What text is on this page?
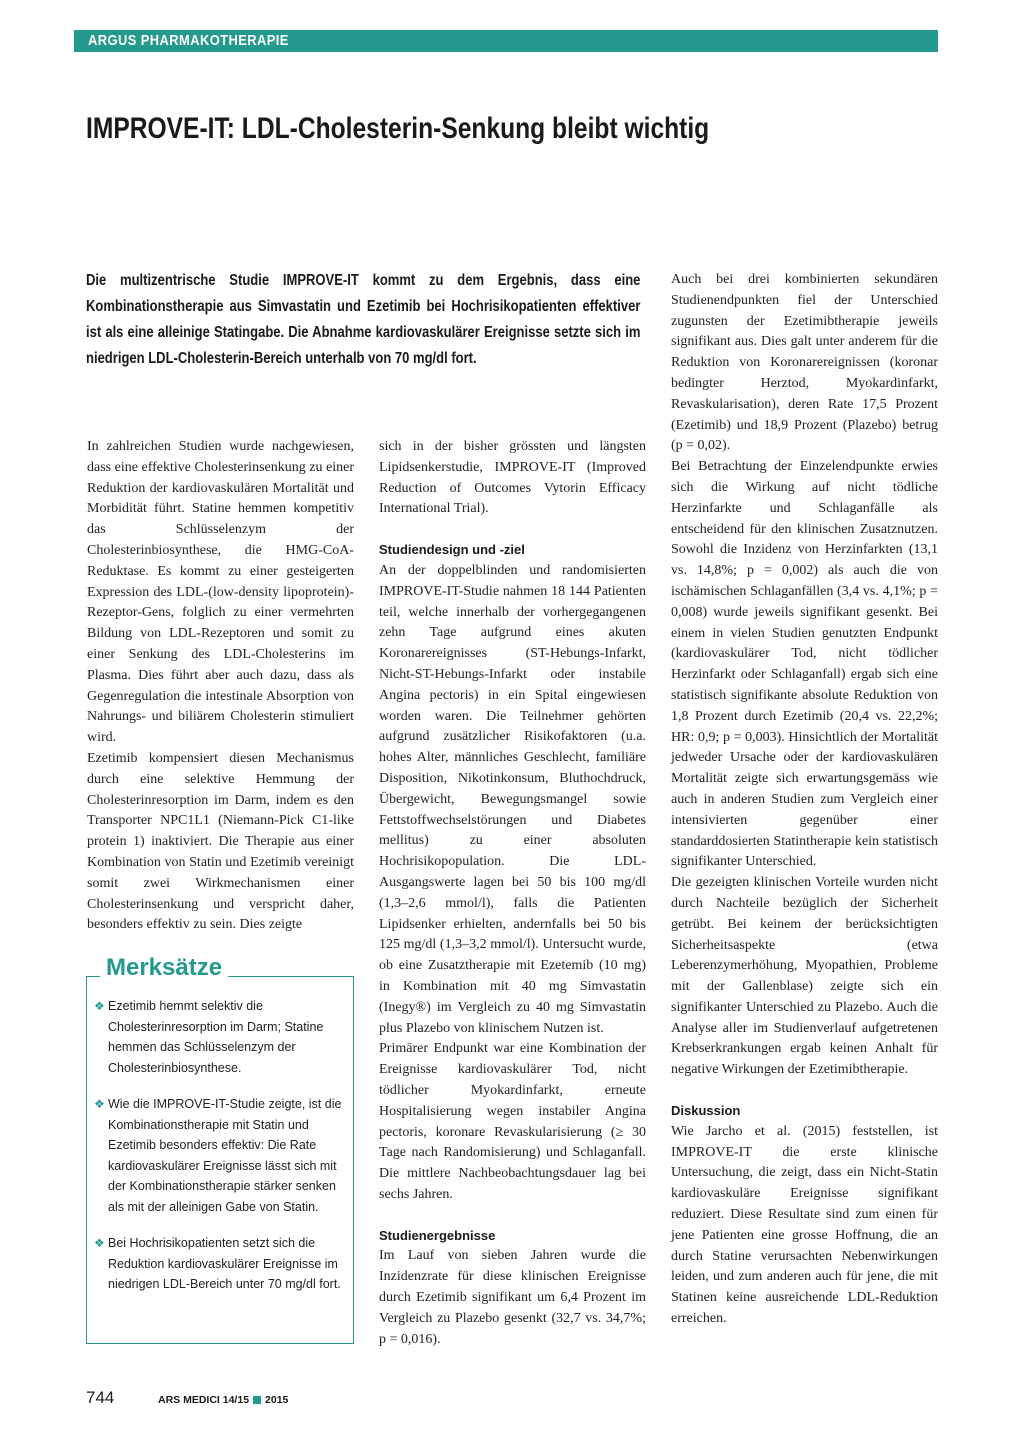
ARGUS PHARMAKOTHERAPIE
IMPROVE-IT: LDL-Cholesterin-Senkung bleibt wichtig

Die multizentrische Studie IMPROVE-IT kommt zu dem Ergebnis, dass eine Kombinationstherapie aus Simvastatin und Ezetimib bei Hochrisikopatienten effektiver ist als eine alleinige Statingabe. Die Abnahme kardiovaskulärer Ereignisse setzte sich im niedrigen LDL-Cholesterin-Bereich unterhalb von 70 mg/dl fort.

In zahlreichen Studien wurde nachgewiesen, dass eine effektive Cholesterinsenkung zu einer Reduktion der kardiovaskulären Mortalität und Morbidität führt. Statine hemmen kompetitiv das Schlüsselenzym der Cholesterinbiosynthese, die HMG-CoA-Reduktase. Es kommt zu einer gesteigerten Expression des LDL-(low-density lipoprotein)-Rezeptor-Gens, folglich zu einer vermehrten Bildung von LDL-Rezeptoren und somit zu einer Senkung des LDL-Cholesterins im Plasma. Dies führt aber auch dazu, dass als Gegenregulation die intestinale Absorption von Nahrungs- und biliärem Cholesterin stimuliert wird.

Ezetimib kompensiert diesen Mechanismus durch eine selektive Hemmung der Cholesterinresorption im Darm, indem es den Transporter NPC1L1 (Niemann-Pick C1-like protein 1) inaktiviert. Die Therapie aus einer Kombination von Statin und Ezetimib vereinigt somit zwei Wirkmechanismen einer Cholesterinsenkung und verspricht daher, besonders effektiv zu sein. Dies zeigte

Merksätze
❖ Ezetimib hemmt selektiv die Cholesterinresorption im Darm; Statine hemmen das Schlüsselenzym der Cholesterinbiosynthese.
❖ Wie die IMPROVE-IT-Studie zeigte, ist die Kombinationstherapie mit Statin und Ezetimib besonders effektiv: Die Rate kardiovaskulärer Ereignisse lässt sich mit der Kombinationstherapie stärker senken als mit der alleinigen Gabe von Statin.
❖ Bei Hochrisikopatienten setzt sich die Reduktion kardiovaskulärer Ereignisse im niedrigen LDL-Bereich unter 70 mg/dl fort.

sich in der bisher grössten und längsten Lipidsenkerstudie, IMPROVE-IT (Improved Reduction of Outcomes Vytorin Efficacy International Trial).

Studiendesign und -ziel

An der doppelblinden und randomisierten IMPROVE-IT-Studie nahmen 18 144 Patienten teil, welche innerhalb der vorhergegangenen zehn Tage aufgrund eines akuten Koronarereignisses (ST-Hebungs-Infarkt, Nicht-ST-Hebungs-Infarkt oder instabile Angina pectoris) in ein Spital eingewiesen worden waren. Die Teilnehmer gehörten aufgrund zusätzlicher Risikofaktoren (u.a. hohes Alter, männliches Geschlecht, familiäre Disposition, Nikotinkonsum, Bluthochdruck, Übergewicht, Bewegungsmangel sowie Fettstoffwechselstörungen und Diabetes mellitus) zu einer absoluten Hochrisikopopulation. Die LDL-Ausgangswerte lagen bei 50 bis 100 mg/dl (1,3–2,6 mmol/l), falls die Patienten Lipidsenker erhielten, andernfalls bei 50 bis 125 mg/dl (1,3–3,2 mmol/l). Untersucht wurde, ob eine Zusatztherapie mit Ezetemib (10 mg) in Kombination mit 40 mg Simvastatin (Inegy®) im Vergleich zu 40 mg Simvastatin plus Plazebo von klinischem Nutzen ist.

Primärer Endpunkt war eine Kombination der Ereignisse kardiovaskulärer Tod, nicht tödlicher Myokardinfarkt, erneute Hospitalisierung wegen instabiler Angina pectoris, koronare Revaskularisierung (≥ 30 Tage nach Randomisierung) und Schlaganfall. Die mittlere Nachbeobachtungsdauer lag bei sechs Jahren.

Studienergebnisse

Im Lauf von sieben Jahren wurde die Inzidenzrate für diese klinischen Ereignisse durch Ezetimib signifikant um 6,4 Prozent im Vergleich zu Plazebo gesenkt (32,7 vs. 34,7%; p = 0,016).

Auch bei drei kombinierten sekundären Studienendpunkten fiel der Unterschied zugunsten der Ezetimibtherapie jeweils signifikant aus. Dies galt unter anderem für die Reduktion von Koronarereignissen (koronar bedingter Herztod, Myokardinfarkt, Revaskularisation), deren Rate 17,5 Prozent (Ezetimib) und 18,9 Prozent (Plazebo) betrug (p = 0,02).

Bei Betrachtung der Einzelendpunkte erwies sich die Wirkung auf nicht tödliche Herzinfarkte und Schlaganfälle als entscheidend für den klinischen Zusatznutzen. Sowohl die Inzidenz von Herzinfarkten (13,1 vs. 14,8%; p = 0,002) als auch die von ischämischen Schlaganfällen (3,4 vs. 4,1%; p = 0,008) wurde jeweils signifikant gesenkt. Bei einem in vielen Studien genutzten Endpunkt (kardiovaskulärer Tod, nicht tödlicher Herzinfarkt oder Schlaganfall) ergab sich eine statistisch signifikante absolute Reduktion von 1,8 Prozent durch Ezetimib (20,4 vs. 22,2%; HR: 0,9; p = 0,003). Hinsichtlich der Mortalität jedweder Ursache oder der kardiovaskulären Mortalität zeigte sich erwartungsgemäss wie auch in anderen Studien zum Vergleich einer intensivierten gegenüber einer standarddosierten Statintherapie kein statistisch signifikanter Unterschied.

Die gezeigten klinischen Vorteile wurden nicht durch Nachteile bezüglich der Sicherheit getrübt. Bei keinem der berücksichtigten Sicherheitsaspekte (etwa Leberenzymerhöhung, Myopathien, Probleme mit der Gallenblase) zeigte sich ein signifikanter Unterschied zu Plazebo. Auch die Analyse aller im Studienverlauf aufgetretenen Krebserkrankungen ergab keinen Anhalt für negative Wirkungen der Ezetimibtherapie.

Diskussion

Wie Jarcho et al. (2015) feststellen, ist IMPROVE-IT die erste klinische Untersuchung, die zeigt, dass ein Nicht-Statin kardiovaskuläre Ereignisse signifikant reduziert. Diese Resultate sind zum einen für jene Patienten eine grosse Hoffnung, die an durch Statine verursachten Nebenwirkungen leiden, und zum anderen auch für jene, die mit Statinen keine ausreichende LDL-Reduktion erreichen.

744	ARS MEDICI 14/15 2015
